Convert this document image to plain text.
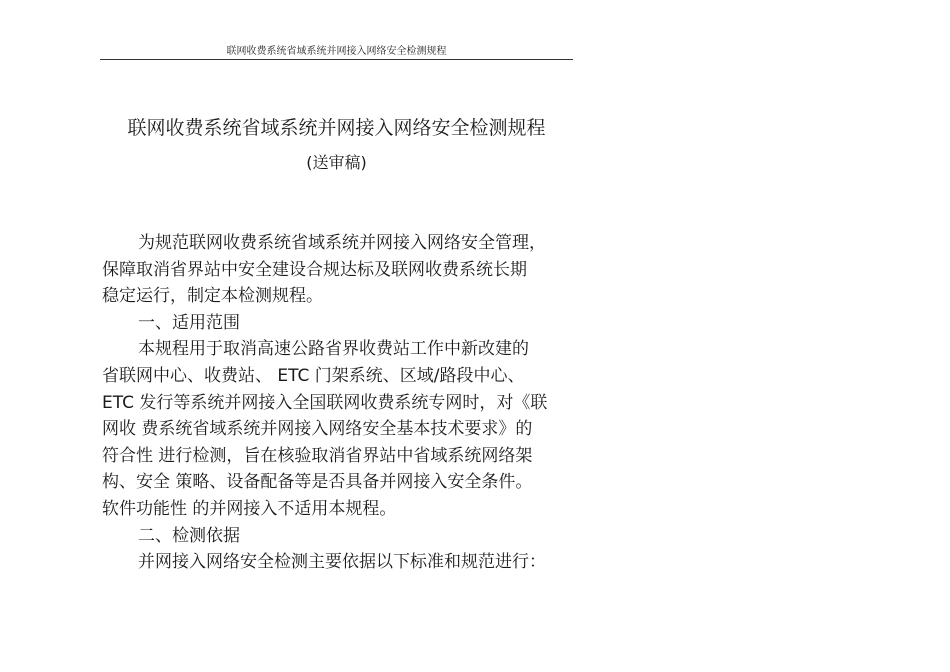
联网收费系统省域系统并网接入网络安全检测规程
联网收费系统省域系统并网接入网络安全检测规程
(送审稿)
为规范联网收费系统省域系统并网接入网络安全管理，
保障取消省界站中安全建设合规达标及联网收费系统长期
稳定运行，制定本检测规程。
一、适用范围
本规程用于取消高速公路省界收费站工作中新改建的
省联网中心、收费站、 ETC 门架系统、区域/路段中心、
ETC 发行等系统并网接入全国联网收费系统专网时，对《联
网收 费系统省域系统并网接入网络安全基本技术要求》的
符合性 进行检测，旨在核验取消省界站中省域系统网络架
构、安全 策略、设备配备等是否具备并网接入安全条件。
软件功能性 的并网接入不适用本规程。
二、检测依据
并网接入网络安全检测主要依据以下标准和规范进行：
